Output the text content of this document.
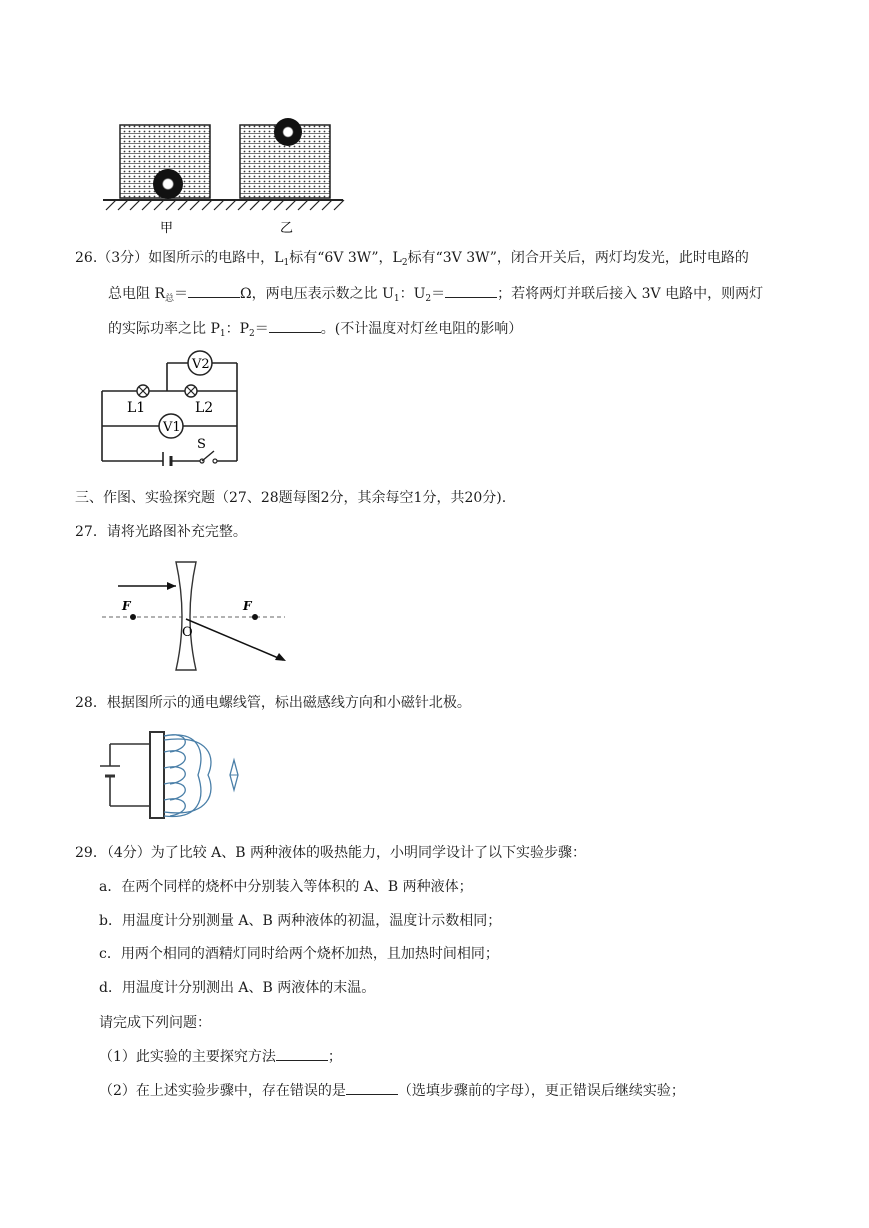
甲	乙
26.（3分）如图所示的电路中，$L_1$标有“6V 3W”，$L_2$标有“3V 3W”，闭合开关后，两灯均发光，此时电路的
总电阻 $R_总=$	Ω，两电压表示数之比 $U_1$：$U_2=$	；若将两灯并联后接入 3V 电路中，则两灯
的实际功率之比 $P_1$：$P_2=$	。(不计温度对灯丝电阻的影响）
V2
V1
L1	L2
S
三、作图、实验探究题（27、28题每图2分，其余每空1分，共20分).
27．请将光路图补充完整。
F	F
O
28．根据图所示的通电螺线管，标出磁感线方向和小磁针北极。
29．（4分）为了比较 A、B 两种液体的吸热能力，小明同学设计了以下实验步骤：
a．在两个同样的烧杯中分别装入等体积的 A、B 两种液体；
b．用温度计分别测量 A、B 两种液体的初温，温度计示数相同；
c．用两个相同的酒精灯同时给两个烧杯加热，且加热时间相同；
d．用温度计分别测出 A、B 两液体的末温。
请完成下列问题：
（1）此实验的主要探究方法	；
（2）在上述实验步骤中，存在错误的是	（选填步骤前的字母），更正错误后继续实验；
